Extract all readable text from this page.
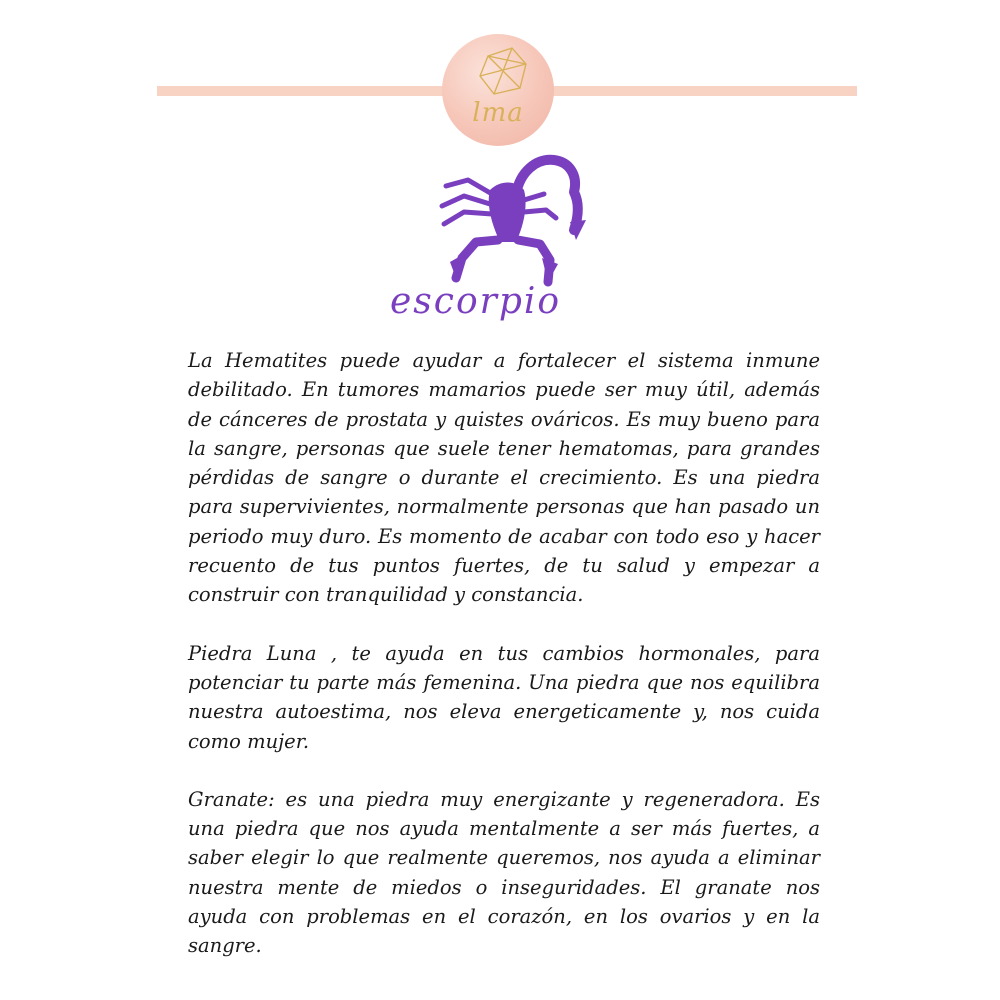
lma
escorpio

La Hematites puede ayudar a fortalecer el sistema inmune debilitado. En tumores mamarios puede ser muy útil, además de cánceres de prostata y quistes ováricos. Es muy bueno para la sangre, personas que suele tener hematomas, para grandes pérdidas de sangre o durante el crecimiento. Es una piedra para supervivientes, normalmente personas que han pasado un periodo muy duro. Es momento de acabar con todo eso y hacer recuento de tus puntos fuertes, de tu salud y empezar a construir con tranquilidad y constancia.

Piedra Luna , te ayuda en tus cambios hormonales, para potenciar tu parte más femenina. Una piedra que nos equilibra nuestra autoestima, nos eleva energeticamente y, nos cuida como mujer.

Granate: es una piedra muy energizante y regeneradora. Es una piedra que nos ayuda mentalmente a ser más fuertes, a saber elegir lo que realmente queremos, nos ayuda a eliminar nuestra mente de miedos o inseguridades. El granate nos ayuda con problemas en el corazón, en los ovarios y en la sangre.
